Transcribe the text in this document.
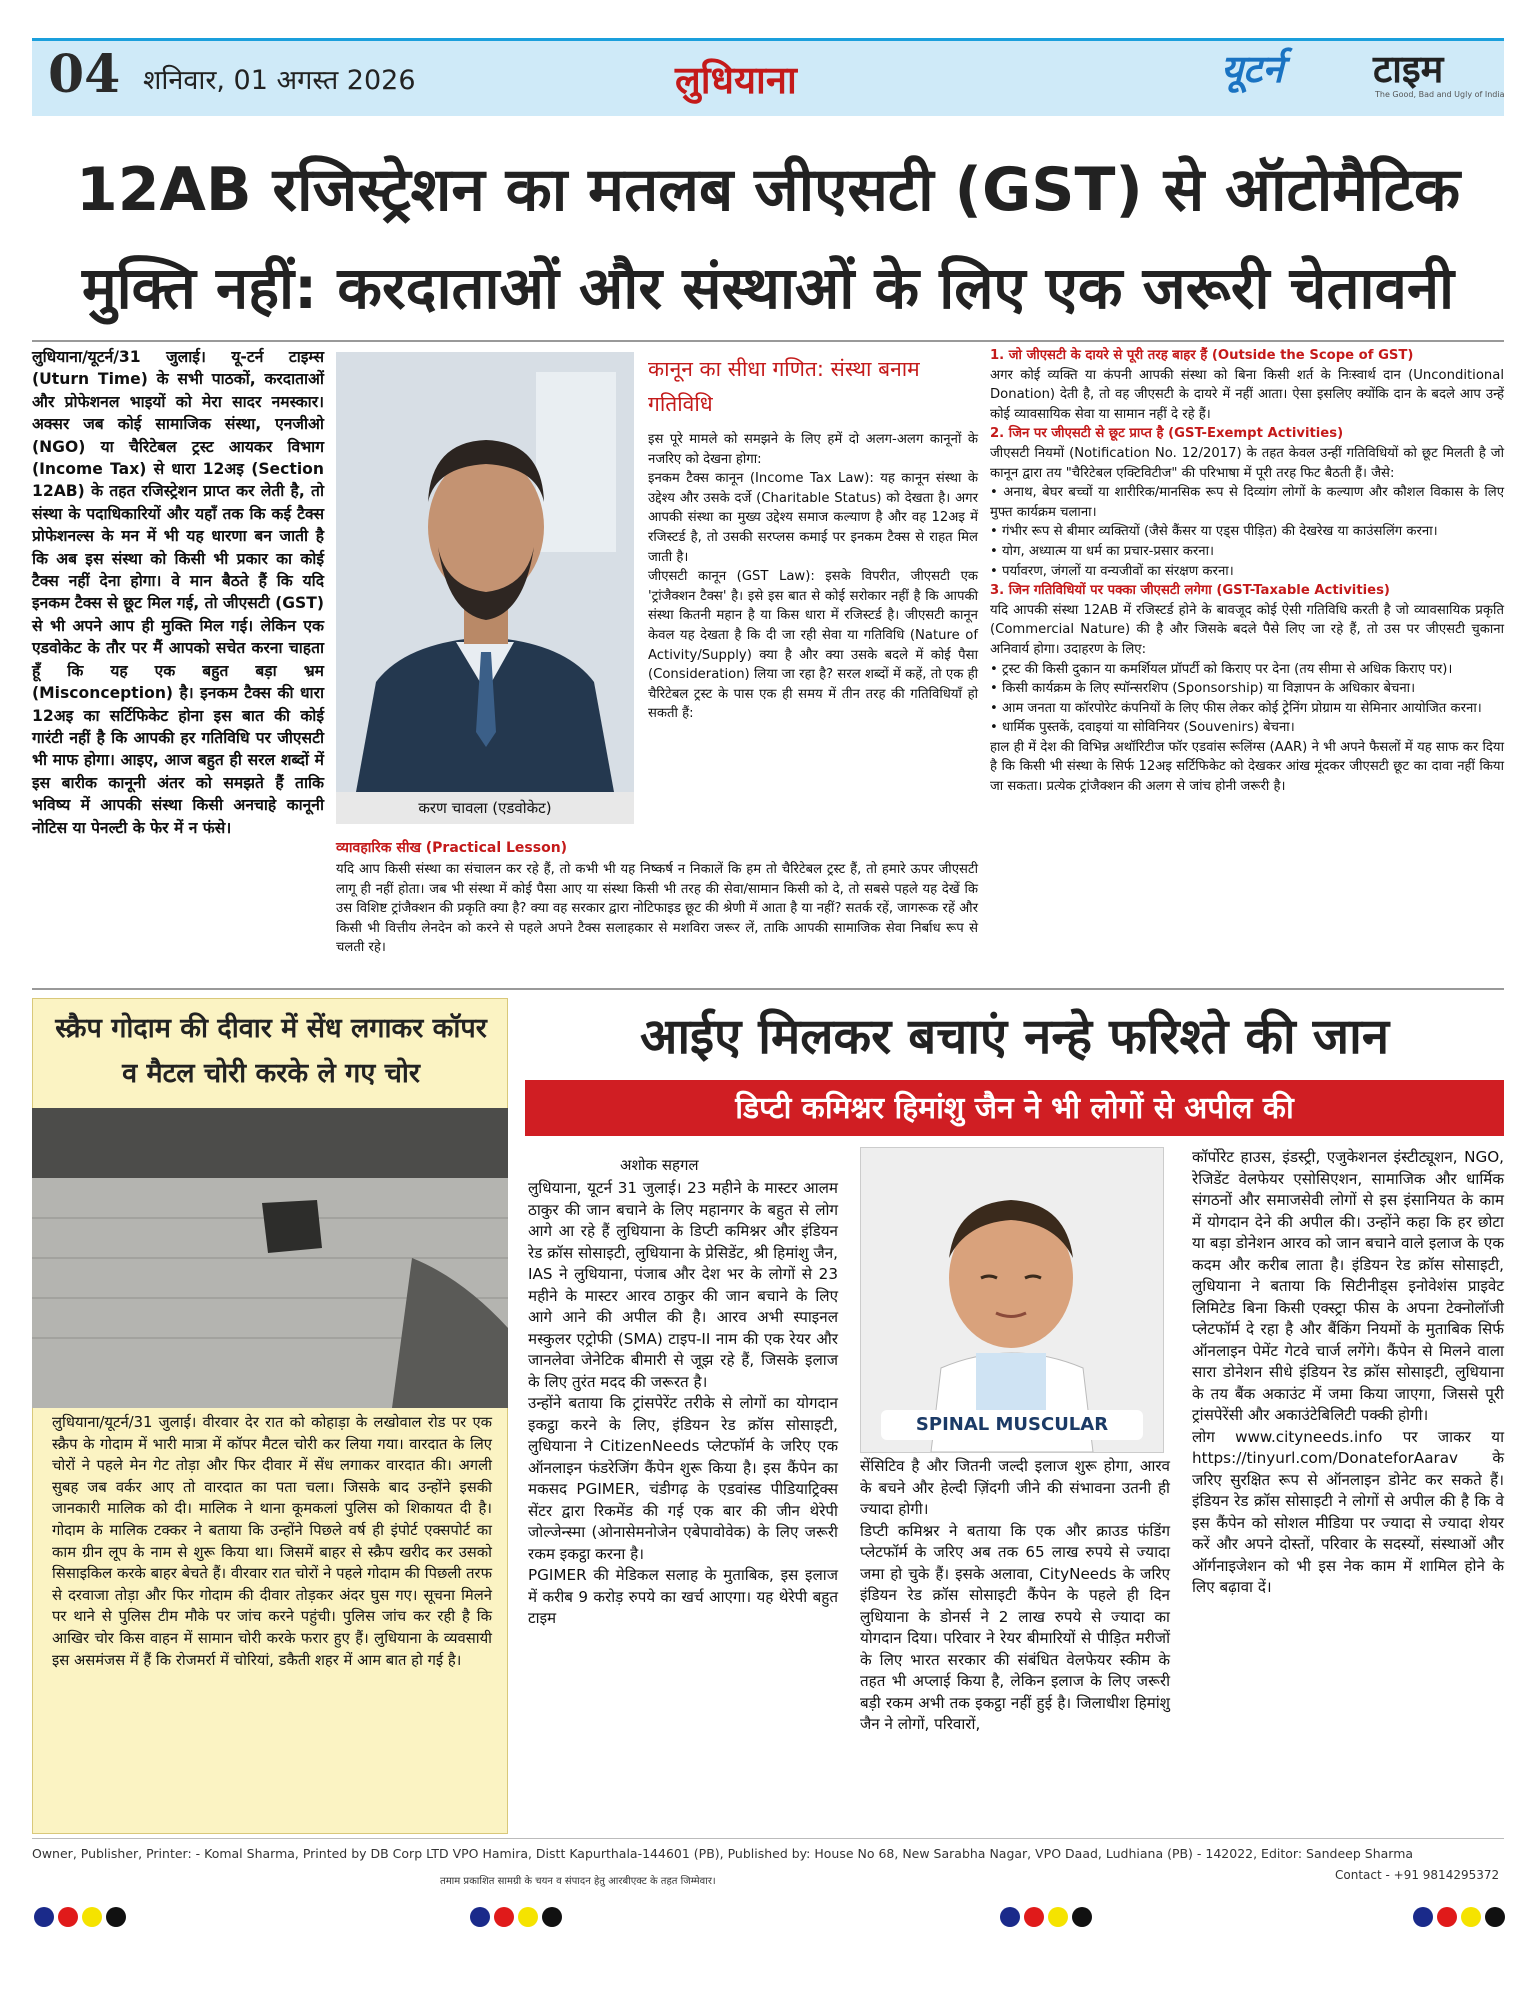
04 शनिवार, 01 अगस्त 2026	लुधियाना	यूटर्न टाइम
The Good, Bad and Ugly of India
12AB रजिस्ट्रेशन का मतलब जीएसटी (GST) से ऑटोमैटिक
मुक्ति नहीं: करदाताओं और संस्थाओं के लिए एक जरूरी चेतावनी

लुधियाना/यूटर्न/31 जुलाई। यू-टर्न टाइम्स (Uturn Time) के सभी पाठकों, करदाताओं और प्रोफेशनल भाइयों को मेरा सादर नमस्कार। अक्सर जब कोई सामाजिक संस्था, एनजीओ (NGO) या चैरिटेबल ट्रस्ट आयकर विभाग (Income Tax) से धारा 12अइ (Section 12AB) के तहत रजिस्ट्रेशन प्राप्त कर लेती है, तो संस्था के पदाधिकारियों और यहाँ तक कि कई टैक्स प्रोफेशनल्स के मन में भी यह धारणा बन जाती है कि अब इस संस्था को किसी भी प्रकार का कोई टैक्स नहीं देना होगा। वे मान बैठते हैं कि यदि इनकम टैक्स से छूट मिल गई, तो जीएसटी (GST) से भी अपने आप ही मुक्ति मिल गई। लेकिन एक एडवोकेट के तौर पर मैं आपको सचेत करना चाहता हूँ कि यह एक बहुत बड़ा भ्रम (Misconception) है। इनकम टैक्स की धारा 12अइ का सर्टिफिकेट होना इस बात की कोई गारंटी नहीं है कि आपकी हर गतिविधि पर जीएसटी भी माफ होगा। आइए, आज बहुत ही सरल शब्दों में इस बारीक कानूनी अंतर को समझते हैं ताकि भविष्य में आपकी संस्था किसी अनचाहे कानूनी नोटिस या पेनल्टी के फेर में न फंसे।

करण चावला (एडवोकेट)
कानून का सीधा गणित: संस्था बनाम गतिविधि

इस पूरे मामले को समझने के लिए हमें दो अलग-अलग कानूनों के नजरिए को देखना होगा:

इनकम टैक्स कानून (Income Tax Law): यह कानून संस्था के उद्देश्य और उसके दर्जे (Charitable Status) को देखता है। अगर आपकी संस्था का मुख्य उद्देश्य समाज कल्याण है और वह 12अइ में रजिस्टर्ड है, तो उसकी सरप्लस कमाई पर इनकम टैक्स से राहत मिल जाती है।

जीएसटी कानून (GST Law): इसके विपरीत, जीएसटी एक 'ट्रांजैक्शन टैक्स' है। इसे इस बात से कोई सरोकार नहीं है कि आपकी संस्था कितनी महान है या किस धारा में रजिस्टर्ड है। जीएसटी कानून केवल यह देखता है कि दी जा रही सेवा या गतिविधि (Nature of Activity/Supply) क्या है और क्या उसके बदले में कोई पैसा (Consideration) लिया जा रहा है? सरल शब्दों में कहें, तो एक ही चैरिटेबल ट्रस्ट के पास एक ही समय में तीन तरह की गतिविधियाँ हो सकती हैं:

व्यावहारिक सीख (Practical Lesson)

यदि आप किसी संस्था का संचालन कर रहे हैं, तो कभी भी यह निष्कर्ष न निकालें कि हम तो चैरिटेबल ट्रस्ट हैं, तो हमारे ऊपर जीएसटी लागू ही नहीं होता। जब भी संस्था में कोई पैसा आए या संस्था किसी भी तरह की सेवा/सामान किसी को दे, तो सबसे पहले यह देखें कि उस विशिष्ट ट्रांजैक्शन की प्रकृति क्या है? क्या वह सरकार द्वारा नोटिफाइड छूट की श्रेणी में आता है या नहीं? सतर्क रहें, जागरूक रहें और किसी भी वित्तीय लेनदेन को करने से पहले अपने टैक्स सलाहकार से मशविरा जरूर लें, ताकि आपकी सामाजिक सेवा निर्बाध रूप से चलती रहे।

1. जो जीएसटी के दायरे से पूरी तरह बाहर हैं (Outside the Scope of GST)

अगर कोई व्यक्ति या कंपनी आपकी संस्था को बिना किसी शर्त के निःस्वार्थ दान (Unconditional Donation) देती है, तो वह जीएसटी के दायरे में नहीं आता। ऐसा इसलिए क्योंकि दान के बदले आप उन्हें कोई व्यावसायिक सेवा या सामान नहीं दे रहे हैं।

2. जिन पर जीएसटी से छूट प्राप्त है (GST-Exempt Activities)

जीएसटी नियमों (Notification No. 12/2017) के तहत केवल उन्हीं गतिविधियों को छूट मिलती है जो कानून द्वारा तय "चैरिटेबल एक्टिविटीज" की परिभाषा में पूरी तरह फिट बैठती हैं। जैसे:

• अनाथ, बेघर बच्चों या शारीरिक/मानसिक रूप से दिव्यांग लोगों के कल्याण और कौशल विकास के लिए मुफ्त कार्यक्रम चलाना।
• गंभीर रूप से बीमार व्यक्तियों (जैसे कैंसर या एड्स पीड़ित) की देखरेख या काउंसलिंग करना।
• योग, अध्यात्म या धर्म का प्रचार-प्रसार करना।
• पर्यावरण, जंगलों या वन्यजीवों का संरक्षण करना।
3. जिन गतिविधियों पर पक्का जीएसटी लगेगा (GST-Taxable Activities)

यदि आपकी संस्था 12AB में रजिस्टर्ड होने के बावजूद कोई ऐसी गतिविधि करती है जो व्यावसायिक प्रकृति (Commercial Nature) की है और जिसके बदले पैसे लिए जा रहे हैं, तो उस पर जीएसटी चुकाना अनिवार्य होगा। उदाहरण के लिए:

• ट्रस्ट की किसी दुकान या कमर्शियल प्रॉपर्टी को किराए पर देना (तय सीमा से अधिक किराए पर)।
• किसी कार्यक्रम के लिए स्पॉन्सरशिप (Sponsorship) या विज्ञापन के अधिकार बेचना।
• आम जनता या कॉरपोरेट कंपनियों के लिए फीस लेकर कोई ट्रेनिंग प्रोग्राम या सेमिनार आयोजित करना।
• धार्मिक पुस्तकें, दवाइयां या सोविनियर (Souvenirs) बेचना।

हाल ही में देश की विभिन्न अथॉरिटीज फॉर एडवांस रूलिंग्स (AAR) ने भी अपने फैसलों में यह साफ कर दिया है कि किसी भी संस्था के सिर्फ 12अइ सर्टिफिकेट को देखकर आंख मूंदकर जीएसटी छूट का दावा नहीं किया जा सकता। प्रत्येक ट्रांजैक्शन की अलग से जांच होनी जरूरी है।

स्क्रैप गोदाम की दीवार में सेंध लगाकर कॉपर व मैटल चोरी करके ले गए चोर

लुधियाना/यूटर्न/31 जुलाई। वीरवार देर रात को कोहाड़ा के लखोवाल रोड पर एक स्क्रैप के गोदाम में भारी मात्रा में कॉपर मैटल चोरी कर लिया गया। वारदात के लिए चोरों ने पहले मेन गेट तोड़ा और फिर दीवार में सेंध लगाकर वारदात की। अगली सुबह जब वर्कर आए तो वारदात का पता चला। जिसके बाद उन्होंने इसकी जानकारी मालिक को दी। मालिक ने थाना कूमकलां पुलिस को शिकायत दी है। गोदाम के मालिक टक्कर ने बताया कि उन्होंने पिछले वर्ष ही इंपोर्ट एक्सपोर्ट का काम ग्रीन लूप के नाम से शुरू किया था। जिसमें बाहर से स्क्रैप खरीद कर उसको सिसाइकिल करके बाहर बेचते हैं। वीरवार रात चोरों ने पहले गोदाम की पिछली तरफ से दरवाजा तोड़ा और फिर गोदाम की दीवार तोड़कर अंदर घुस गए। सूचना मिलने पर थाने से पुलिस टीम मौके पर जांच करने पहुंची। पुलिस जांच कर रही है कि आखिर चोर किस वाहन में सामान चोरी करके फरार हुए हैं। लुधियाना के व्यवसायी इस असमंजस में हैं कि रोजमर्रा में चोरियां, डकैती शहर में आम बात हो गई है।

आईए मिलकर बचाएं नन्हे फरिश्ते की जान
डिप्टी कमिश्नर हिमांशु जैन ने भी लोगों से अपील की
अशोक सहगल

लुधियाना, यूटर्न 31 जुलाई। 23 महीने के मास्टर आलम ठाकुर की जान बचाने के लिए महानगर के बहुत से लोग आगे आ रहे हैं लुधियाना के डिप्टी कमिश्नर और इंडियन रेड क्रॉस सोसाइटी, लुधियाना के प्रेसिडेंट, श्री हिमांशु जैन, IAS ने लुधियाना, पंजाब और देश भर के लोगों से 23 महीने के मास्टर आरव ठाकुर की जान बचाने के लिए आगे आने की अपील की है। आरव अभी स्पाइनल मस्कुलर एट्रोफी (SMA) टाइप-II नाम की एक रेयर और जानलेवा जेनेटिक बीमारी से जूझ रहे हैं, जिसके इलाज के लिए तुरंत मदद की जरूरत है।

उन्होंने बताया कि ट्रांसपेरेंट तरीके से लोगों का योगदान इकट्ठा करने के लिए, इंडियन रेड क्रॉस सोसाइटी, लुधियाना ने CitizenNeeds प्लेटफॉर्म के जरिए एक ऑनलाइन फंडरेजिंग कैंपेन शुरू किया है। इस कैंपेन का मकसद PGIMER, चंडीगढ़ के एडवांस्ड पीडियाट्रिक्स सेंटर द्वारा रिकमेंड की गई एक बार की जीन थेरेपी जोल्जेन्स्मा (ओनासेमनोजेन एबेपावोवेक) के लिए जरूरी रकम इकट्ठा करना है।

PGIMER की मेडिकल सलाह के मुताबिक, इस इलाज में करीब 9 करोड़ रुपये का खर्च आएगा। यह थेरेपी बहुत टाइम

SPINAL MUSCULAR

सेंसिटिव है और जितनी जल्दी इलाज शुरू होगा, आरव के बचने और हेल्दी ज़िंदगी जीने की संभावना उतनी ही ज्यादा होगी।

डिप्टी कमिश्नर ने बताया कि एक और क्राउड फंडिंग प्लेटफॉर्म के जरिए अब तक 65 लाख रुपये से ज्यादा जमा हो चुके हैं। इसके अलावा, CityNeeds के जरिए इंडियन रेड क्रॉस सोसाइटी कैंपेन के पहले ही दिन लुधियाना के डोनर्स ने 2 लाख रुपये से ज्यादा का योगदान दिया। परिवार ने रेयर बीमारियों से पीड़ित मरीजों के लिए भारत सरकार की संबंधित वेलफेयर स्कीम के तहत भी अप्लाई किया है, लेकिन इलाज के लिए जरूरी बड़ी रकम अभी तक इकट्ठा नहीं हुई है। जिलाधीश हिमांशु जैन ने लोगों, परिवारों,

कॉर्पोरेट हाउस, इंडस्ट्री, एजुकेशनल इंस्टीट्यूशन, NGO, रेजिडेंट वेलफेयर एसोसिएशन, सामाजिक और धार्मिक संगठनों और समाजसेवी लोगों से इस इंसानियत के काम में योगदान देने की अपील की। उन्होंने कहा कि हर छोटा या बड़ा डोनेशन आरव को जान बचाने वाले इलाज के एक कदम और करीब लाता है। इंडियन रेड क्रॉस सोसाइटी, लुधियाना ने बताया कि सिटीनीड्स इनोवेशंस प्राइवेट लिमिटेड बिना किसी एक्स्ट्रा फीस के अपना टेक्नोलॉजी प्लेटफॉर्म दे रहा है और बैंकिंग नियमों के मुताबिक सिर्फ ऑनलाइन पेमेंट गेटवे चार्ज लगेंगे। कैंपेन से मिलने वाला सारा डोनेशन सीधे इंडियन रेड क्रॉस सोसाइटी, लुधियाना के तय बैंक अकाउंट में जमा किया जाएगा, जिससे पूरी ट्रांसपेरेंसी और अकाउंटेबिलिटी पक्की होगी।

लोग www.cityneeds.info पर जाकर या https://tinyurl.com/DonateforAarav के जरिए सुरक्षित रूप से ऑनलाइन डोनेट कर सकते हैं। इंडियन रेड क्रॉस सोसाइटी ने लोगों से अपील की है कि वे इस कैंपेन को सोशल मीडिया पर ज्यादा से ज्यादा शेयर करें और अपने दोस्तों, परिवार के सदस्यों, संस्थाओं और ऑर्गनाइजेशन को भी इस नेक काम में शामिल होने के लिए बढ़ावा दें।

Owner, Publisher, Printer: - Komal Sharma, Printed by DB Corp LTD VPO Hamira, Distt Kapurthala-144601 (PB), Published by: House No 68, New Sarabha Nagar, VPO Daad, Ludhiana (PB) - 142022, Editor: Sandeep Sharma
तमाम प्रकाशित सामग्री के चयन व संपादन हेतु आरबीएक्ट के तहत जिम्मेवार।	Contact - +91 9814295372
